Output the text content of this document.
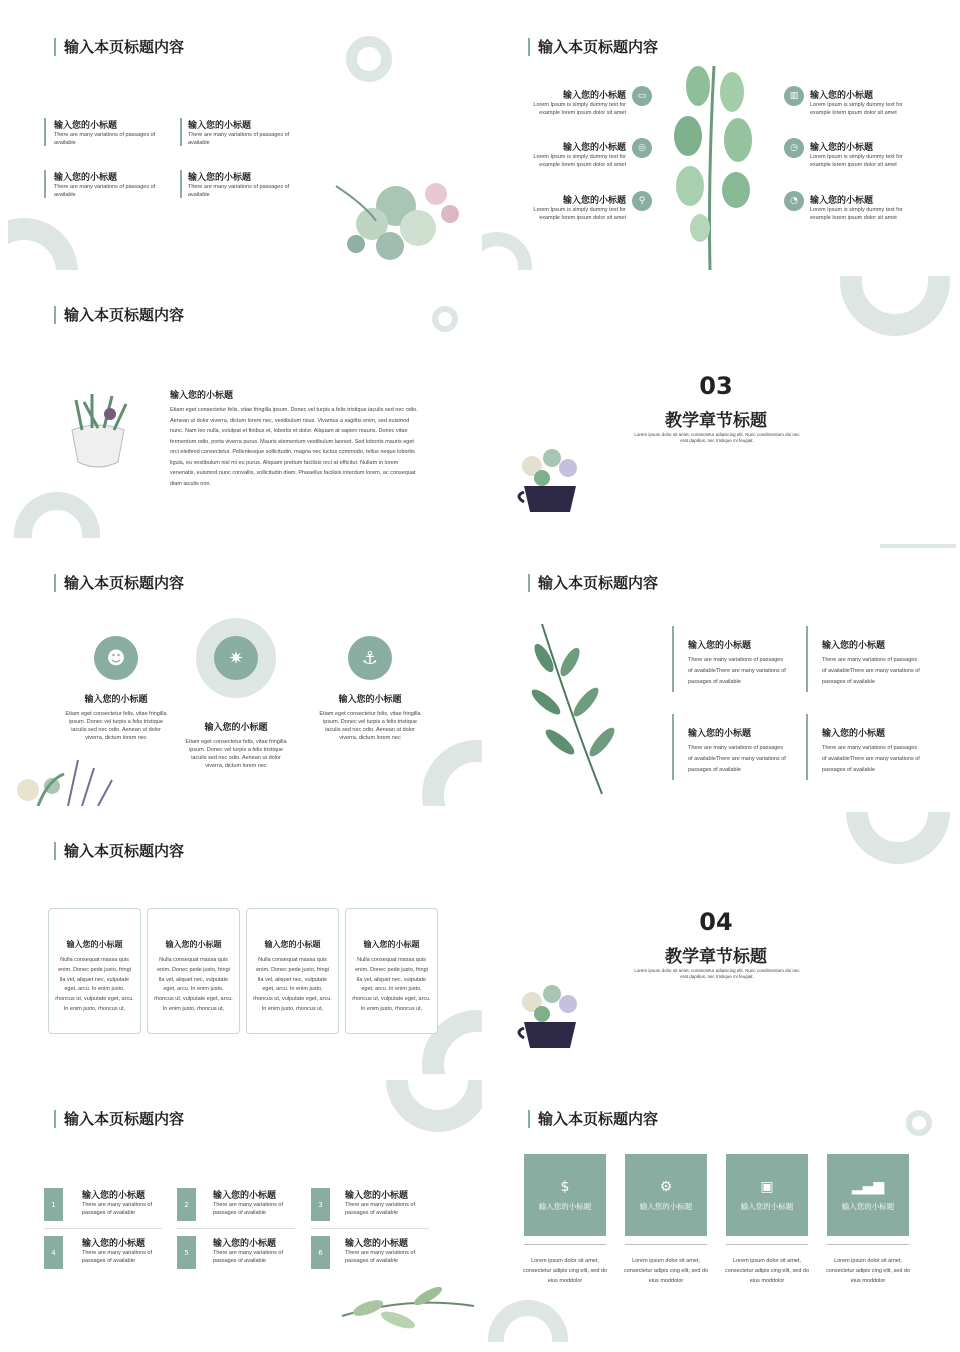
输入本页标题内容
输入您的小标题
There are many variations of passages of available
输入您的小标题
There are many variations of passages of available
输入您的小标题
There are many variations of passages of available
输入您的小标题
There are many variations of passages of available
输入本页标题内容
输入您的小标题
Lorem Ipsum is simply dummy text for example lorem ipsum dolor sit amet
▭
输入您的小标题
Lorem Ipsum is simply dummy text for example lorem ipsum dolor sit amet
◎
输入您的小标题
Lorem Ipsum is simply dummy text for example lorem ipsum dolor sit amet
⚲
▥	输入您的小标题
Lorem Ipsum is simply dummy text for example lorem ipsum dolor sit amet
◷	输入您的小标题
Lorem Ipsum is simply dummy text for example lorem ipsum dolor sit amet
◔	输入您的小标题
Lorem Ipsum is simply dummy text for example lorem ipsum dolor sit amet
输入本页标题内容
输入您的小标题
Etiam eget consectetur felis, vitae fringilla ipsum. Donec vel turpis a felis tristique iaculis sed nec odio. Aenean ut dolor viverra, dictum lorem nec, vestibulum risus. Vivamus a sagittis enim, sed euismod nunc. Nam leo nulla, volutpat et finibus et, lobortis et dolor. Aliquam at sapien mauris. Donec vitae fermentum odio, porta viverra purus. Mauris elementum vestibulum laoreet. Sed lobortis mauris eget orci eleifend consectetur. Pellentesque sollicitudin, magna nec luctus commodo, tellus neque lobortis ligula, eu vestibulum nisl mi eu purus. Aliquam pretium facilisis orci at efficitur. Nullam in lorem venenatis, euismod nunc convallis, sollicitudin diam. Phasellus facilisis interdum lorem, ac consequat diam iaculis non.
03
教学章节标题
Lorem ipsum dolor sit amet, consectetur adipiscing elit. Nunc condimentum dui nec erat dapibus, nec tristique mi feugiat.
输入本页标题内容
☻
输入您的小标题
Etiam eget consectetur felis, vitae fringilla ipsum. Donec vel turpis a felis tristique iaculis sed nec odio. Aenean ut dolor viverra, dictum lorem nec
✷
输入您的小标题
Etiam eget consectetur felis, vitae fringilla ipsum. Donec vel turpis a felis tristique iaculis sed nec odio. Aenean ut dolor viverra, dictum lorem nec
⚓
输入您的小标题
Etiam eget consectetur felis, vitae fringilla ipsum. Donec vel turpis a felis tristique iaculis sed nec odio. Aenean ut dolor viverra, dictum lorem nec
输入本页标题内容
输入您的小标题
There are many variations of passages of availableThere are many variations of passages of available
输入您的小标题
There are many variations of passages of availableThere are many variations of passages of available
输入您的小标题
There are many variations of passages of availableThere are many variations of passages of available
输入您的小标题
There are many variations of passages of availableThere are many variations of passages of available
输入本页标题内容
输入您的小标题
Nulla consequat massa quis enim. Donec pede justo, fringi lla vel, aliquet nec, vulputate eget, arcu. In enim justo, rhoncus ut, vulputate eget, arcu. In enim justo, rhoncus ut,
输入您的小标题
Nulla consequat massa quis enim. Donec pede justo, fringi lla vel, aliquet nec, vulputate eget, arcu. In enim justo, rhoncus ut, vulputate eget, arcu. In enim justo, rhoncus ut,
输入您的小标题
Nulla consequat massa quis enim. Donec pede justo, fringi lla vel, aliquet nec, vulputate eget, arcu. In enim justo, rhoncus ut, vulputate eget, arcu. In enim justo, rhoncus ut,
输入您的小标题
Nulla consequat massa quis enim. Donec pede justo, fringi lla vel, aliquet nec, vulputate eget, arcu. In enim justo, rhoncus ut, vulputate eget, arcu. In enim justo, rhoncus ut,
04
教学章节标题
Lorem ipsum dolor sit amet, consectetur adipiscing elit. Nunc condimentum dui nec erat dapibus, nec tristique mi feugiat.
输入本页标题内容
1
输入您的小标题
There are many variations of passages of available
2
输入您的小标题
There are many variations of passages of available
3
输入您的小标题
There are many variations of passages of available
4
输入您的小标题
There are many variations of passages of available
5
输入您的小标题
There are many variations of passages of available
6
输入您的小标题
There are many variations of passages of available
输入本页标题内容
$
输入您的小标题
Lorem ipsum dolor sit amet, consectetur adipis cing elit, sed do eius moddolor
⚙
输入您的小标题
Lorem ipsum dolor sit amet, consectetur adipis cing elit, sed do eius moddolor
▣
输入您的小标题
Lorem ipsum dolor sit amet, consectetur adipis cing elit, sed do eius moddolor
▂▄▆
输入您的小标题
Lorem ipsum dolor sit amet, consectetur adipis cing elit, sed do eius moddolor
